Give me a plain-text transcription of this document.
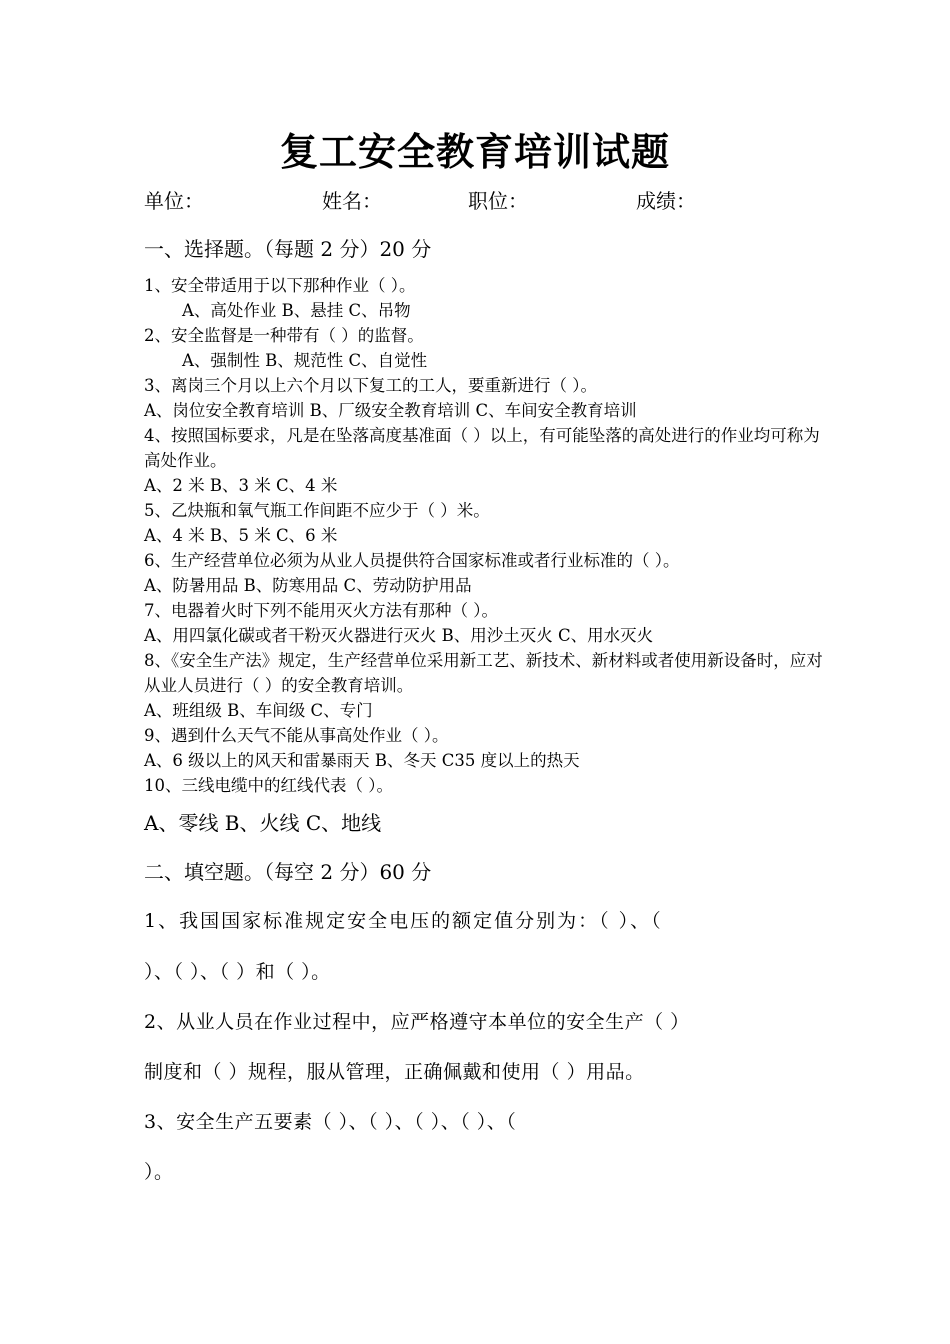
复工安全教育培训试题
单位：	姓名：	职位：	成绩：
一、选择题。（每题 2 分）20 分
1、安全带适用于以下那种作业（ ）。
A、高处作业 B、悬挂 C、吊物
2、安全监督是一种带有（ ）的监督。
A、强制性 B、规范性 C、自觉性
3、离岗三个月以上六个月以下复工的工人，要重新进行（ ）。
A、岗位安全教育培训 B、厂级安全教育培训 C、车间安全教育培训
4、按照国标要求，凡是在坠落高度基准面（ ）以上，有可能坠落的高处进行的作业均可称为高处作业。
A、2 米 B、3 米 C、4 米
5、乙炔瓶和氧气瓶工作间距不应少于（ ）米。
A、4 米 B、5 米 C、6 米
6、生产经营单位必须为从业人员提供符合国家标准或者行业标准的（ ）。
A、防暑用品 B、防寒用品 C、劳动防护用品
7、电器着火时下列不能用灭火方法有那种（ ）。
A、用四氯化碳或者干粉灭火器进行灭火 B、用沙土灭火 C、用水灭火
8、《安全生产法》规定，生产经营单位采用新工艺、新技术、新材料或者使用新设备时，应对从业人员进行（ ）的安全教育培训。
A、班组级 B、车间级 C、专门
9、遇到什么天气不能从事高处作业（ ）。
A、6 级以上的风天和雷暴雨天 B、冬天 C35 度以上的热天
10、三线电缆中的红线代表（ ）。
A、零线 B、火线 C、地线
二、填空题。（每空 2 分）60 分
1、我国国家标准规定安全电压的额定值分别为：（ ）、（
）、（ ）、（ ）和（ ）。
2、从业人员在作业过程中，应严格遵守本单位的安全生产（ ）
制度和（ ）规程，服从管理，正确佩戴和使用（ ）用品。
3、安全生产五要素（ ）、（ ）、（ ）、（ ）、（
）。
